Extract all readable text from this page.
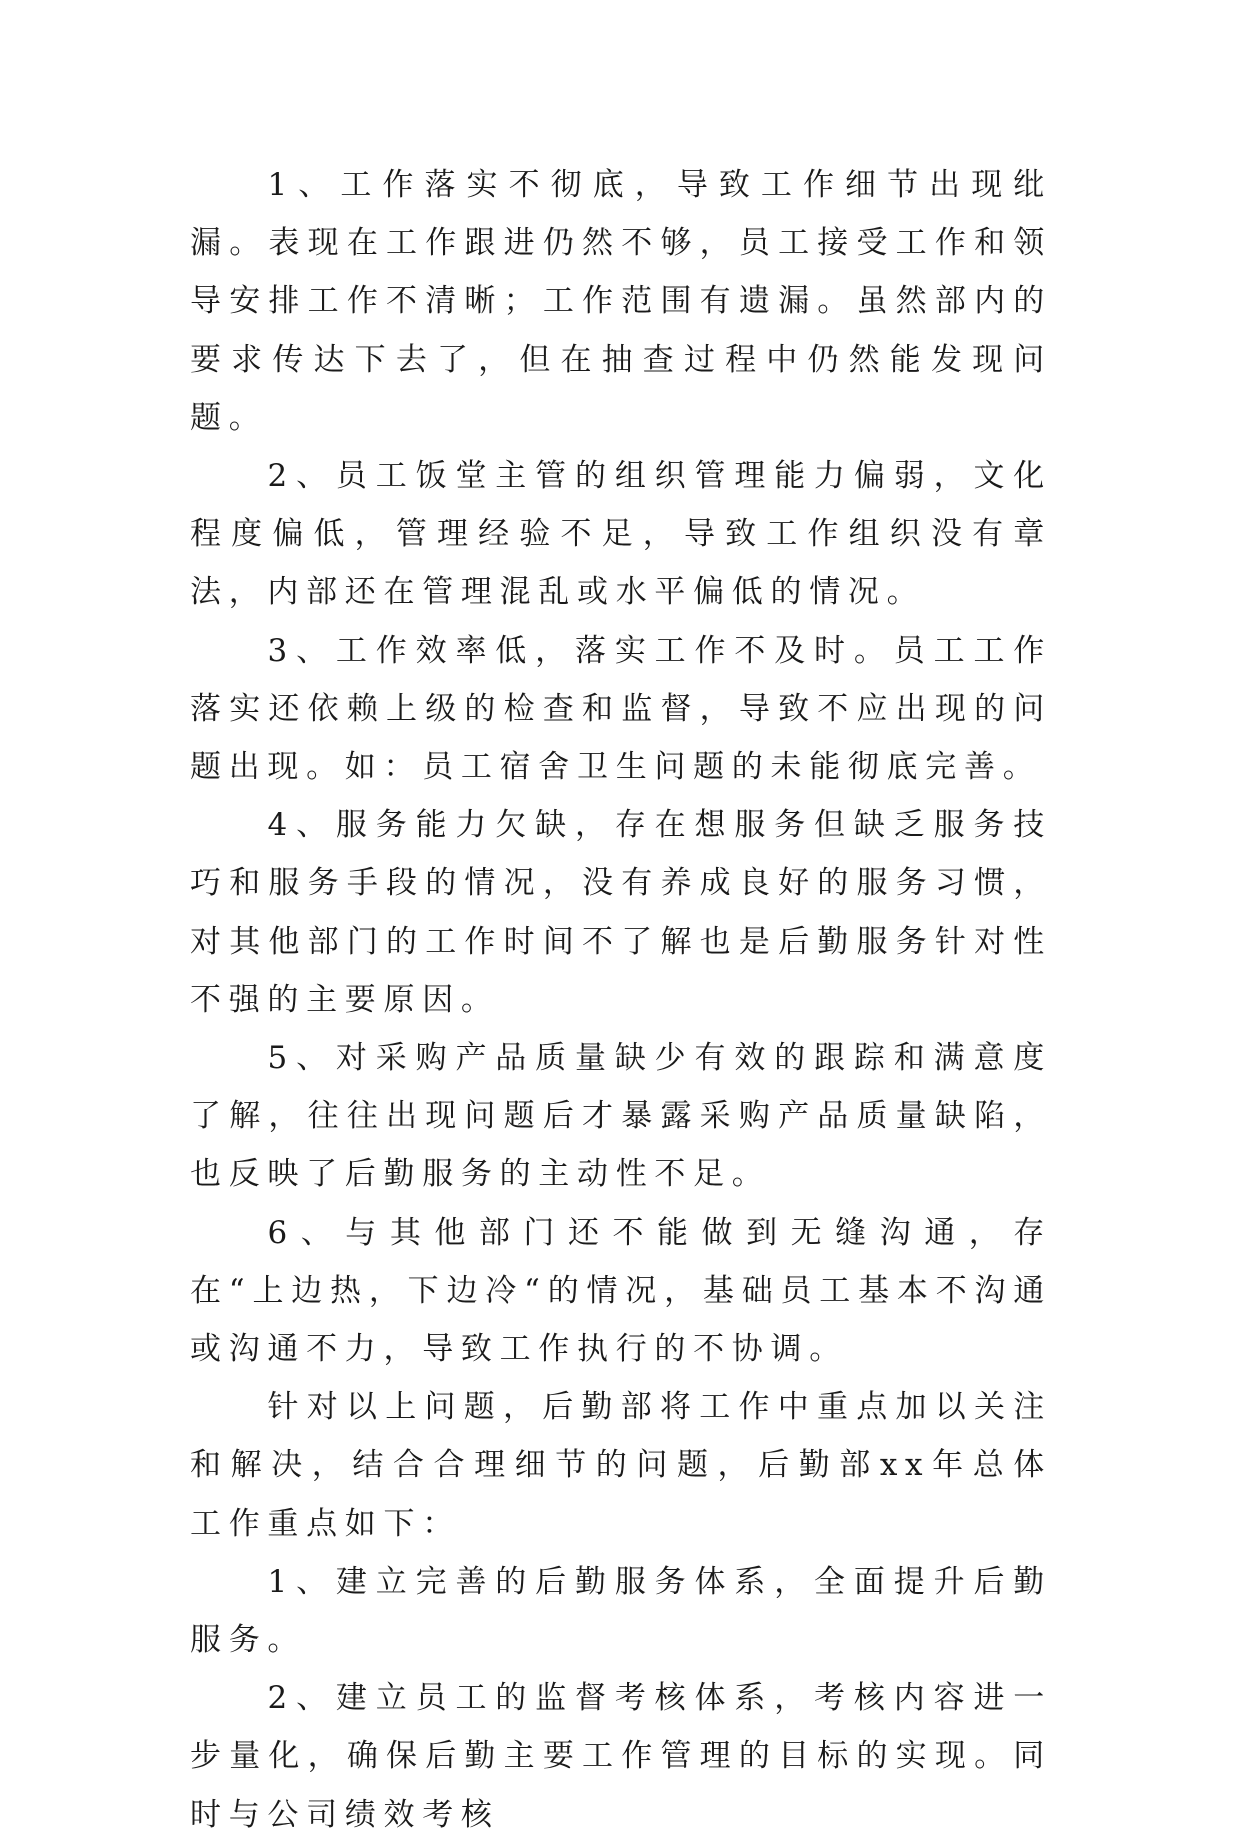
1、工作落实不彻底，导致工作细节出现纰漏。表现在工作跟进仍然不够，员工接受工作和领导安排工作不清晰；工作范围有遗漏。虽然部内的要求传达下去了，但在抽查过程中仍然能发现问题。

2、员工饭堂主管的组织管理能力偏弱，文化程度偏低，管理经验不足，导致工作组织没有章法，内部还在管理混乱或水平偏低的情况。

3、工作效率低，落实工作不及时。员工工作落实还依赖上级的检查和监督，导致不应出现的问题出现。如：员工宿舍卫生问题的未能彻底完善。

4、服务能力欠缺，存在想服务但缺乏服务技巧和服务手段的情况，没有养成良好的服务习惯，对其他部门的工作时间不了解也是后勤服务针对性不强的主要原因。

5、对采购产品质量缺少有效的跟踪和满意度了解，往往出现问题后才暴露采购产品质量缺陷，也反映了后勤服务的主动性不足。

6、与其他部门还不能做到无缝沟通，存在“上边热，下边冷“的情况，基础员工基本不沟通或沟通不力，导致工作执行的不协调。

针对以上问题，后勤部将工作中重点加以关注和解决，结合合理细节的问题，后勤部xx年总体工作重点如下：

1、建立完善的后勤服务体系，全面提升后勤服务。

2、建立员工的监督考核体系，考核内容进一步量化，确保后勤主要工作管理的目标的实现。同时与公司绩效考核
